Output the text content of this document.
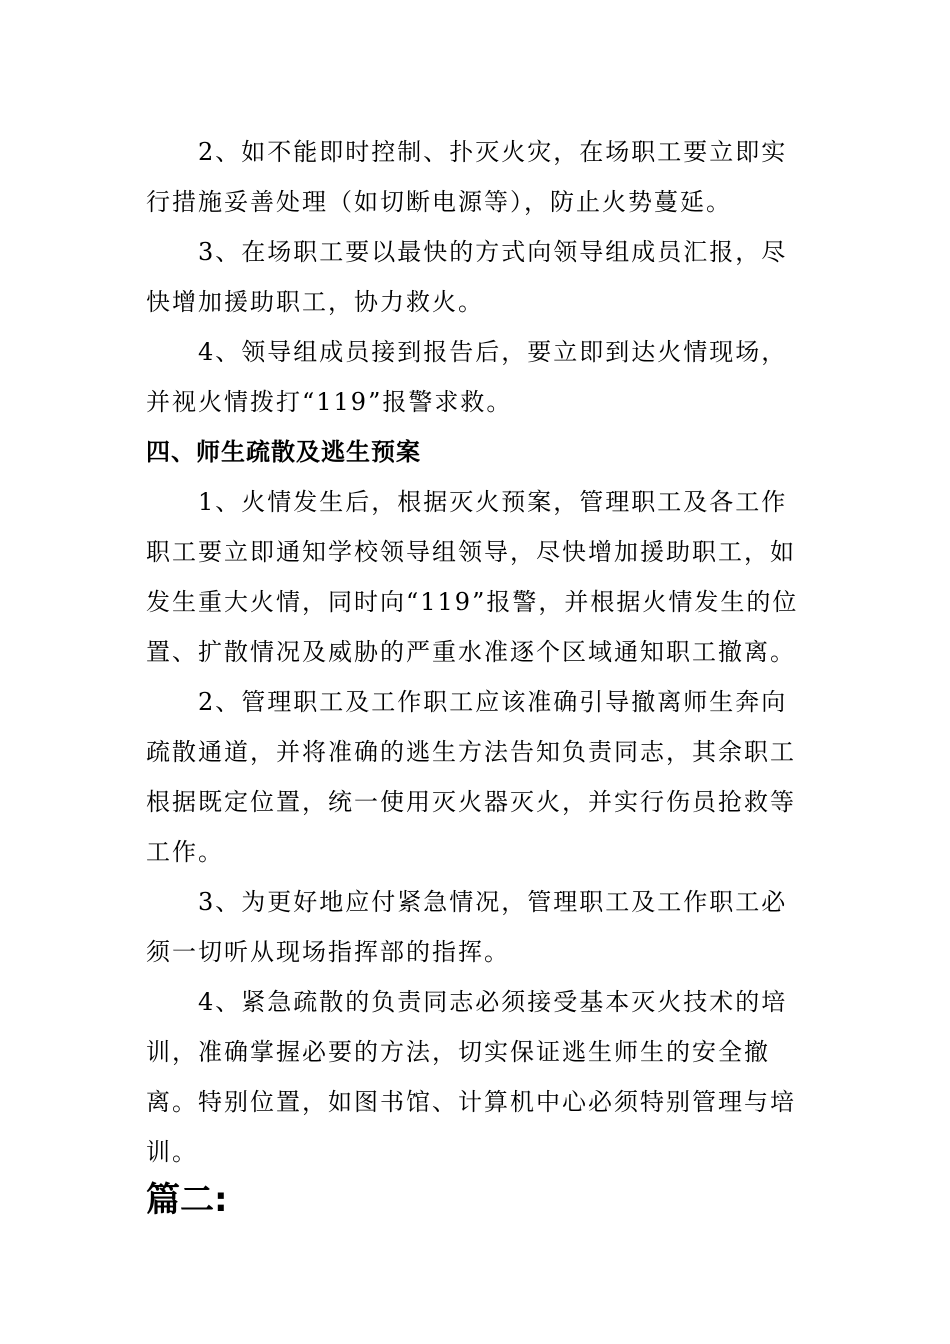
2、如不能即时控制、扑灭火灾，在场职工要立即实行措施妥善处理（如切断电源等），防止火势蔓延。

3、在场职工要以最快的方式向领导组成员汇报，尽快增加援助职工，协力救火。

4、领导组成员接到报告后，要立即到达火情现场，并视火情拨打“119”报警求救。

四、师生疏散及逃生预案

1、火情发生后，根据灭火预案，管理职工及各工作职工要立即通知学校领导组领导，尽快增加援助职工，如发生重大火情，同时向“119”报警，并根据火情发生的位置、扩散情况及威胁的严重水准逐个区域通知职工撤离。

2、管理职工及工作职工应该准确引导撤离师生奔向疏散通道，并将准确的逃生方法告知负责同志，其余职工根据既定位置，统一使用灭火器灭火，并实行伤员抢救等工作。

3、为更好地应付紧急情况，管理职工及工作职工必须一切听从现场指挥部的指挥。

4、紧急疏散的负责同志必须接受基本灭火技术的培训，准确掌握必要的方法，切实保证逃生师生的安全撤离。特别位置，如图书馆、计算机中心必须特别管理与培训。

篇二:
